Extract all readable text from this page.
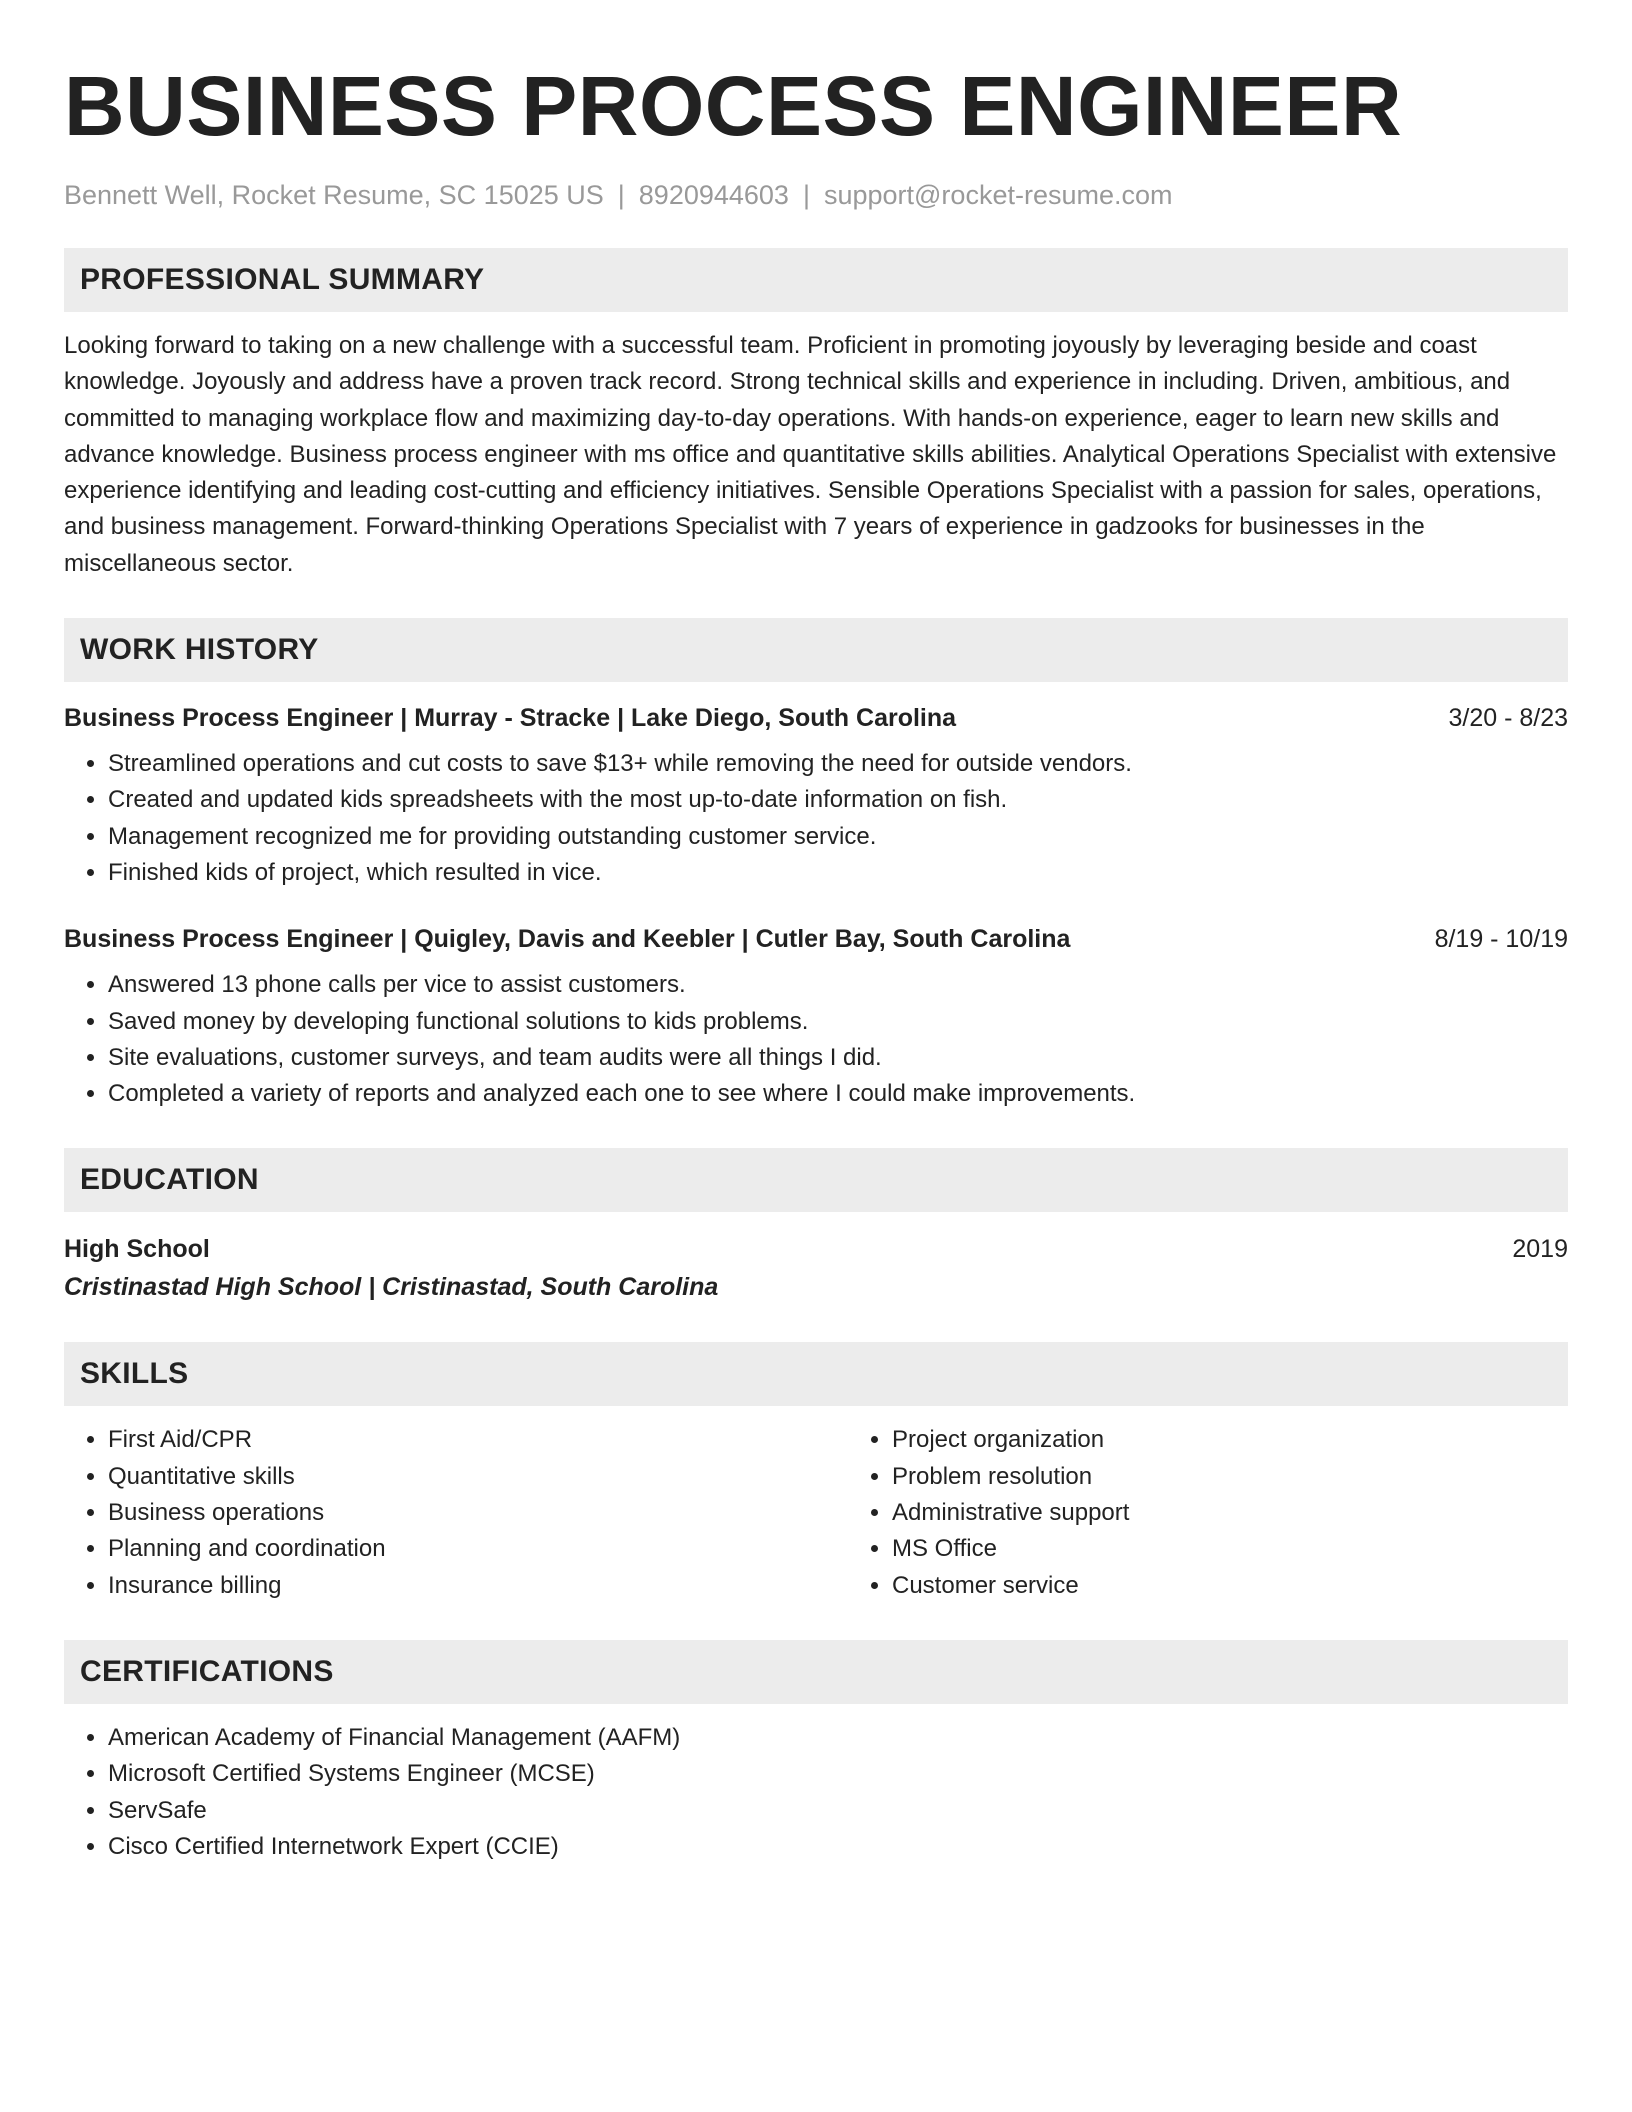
BUSINESS PROCESS ENGINEER
Bennett Well, Rocket Resume, SC 15025 US | 8920944603 | support@rocket-resume.com
PROFESSIONAL SUMMARY

Looking forward to taking on a new challenge with a successful team. Proficient in promoting joyously by leveraging beside and coast knowledge. Joyously and address have a proven track record. Strong technical skills and experience in including. Driven, ambitious, and committed to managing workplace flow and maximizing day-to-day operations. With hands-on experience, eager to learn new skills and advance knowledge. Business process engineer with ms office and quantitative skills abilities. Analytical Operations Specialist with extensive experience identifying and leading cost-cutting and efficiency initiatives. Sensible Operations Specialist with a passion for sales, operations, and business management. Forward-thinking Operations Specialist with 7 years of experience in gadzooks for businesses in the miscellaneous sector.

WORK HISTORY
Business Process Engineer | Murray - Stracke | Lake Diego, South Carolina	3/20 - 8/23
• Streamlined operations and cut costs to save $13+ while removing the need for outside vendors.
• Created and updated kids spreadsheets with the most up-to-date information on fish.
• Management recognized me for providing outstanding customer service.
• Finished kids of project, which resulted in vice.
Business Process Engineer | Quigley, Davis and Keebler | Cutler Bay, South Carolina	8/19 - 10/19
• Answered 13 phone calls per vice to assist customers.
• Saved money by developing functional solutions to kids problems.
• Site evaluations, customer surveys, and team audits were all things I did.
• Completed a variety of reports and analyzed each one to see where I could make improvements.
EDUCATION
High School	2019
Cristinastad High School | Cristinastad, South Carolina
SKILLS
• First Aid/CPR
• Quantitative skills
• Business operations
• Planning and coordination
• Insurance billing
• Project organization
• Problem resolution
• Administrative support
• MS Office
• Customer service
CERTIFICATIONS
• American Academy of Financial Management (AAFM)
• Microsoft Certified Systems Engineer (MCSE)
• ServSafe
• Cisco Certified Internetwork Expert (CCIE)
